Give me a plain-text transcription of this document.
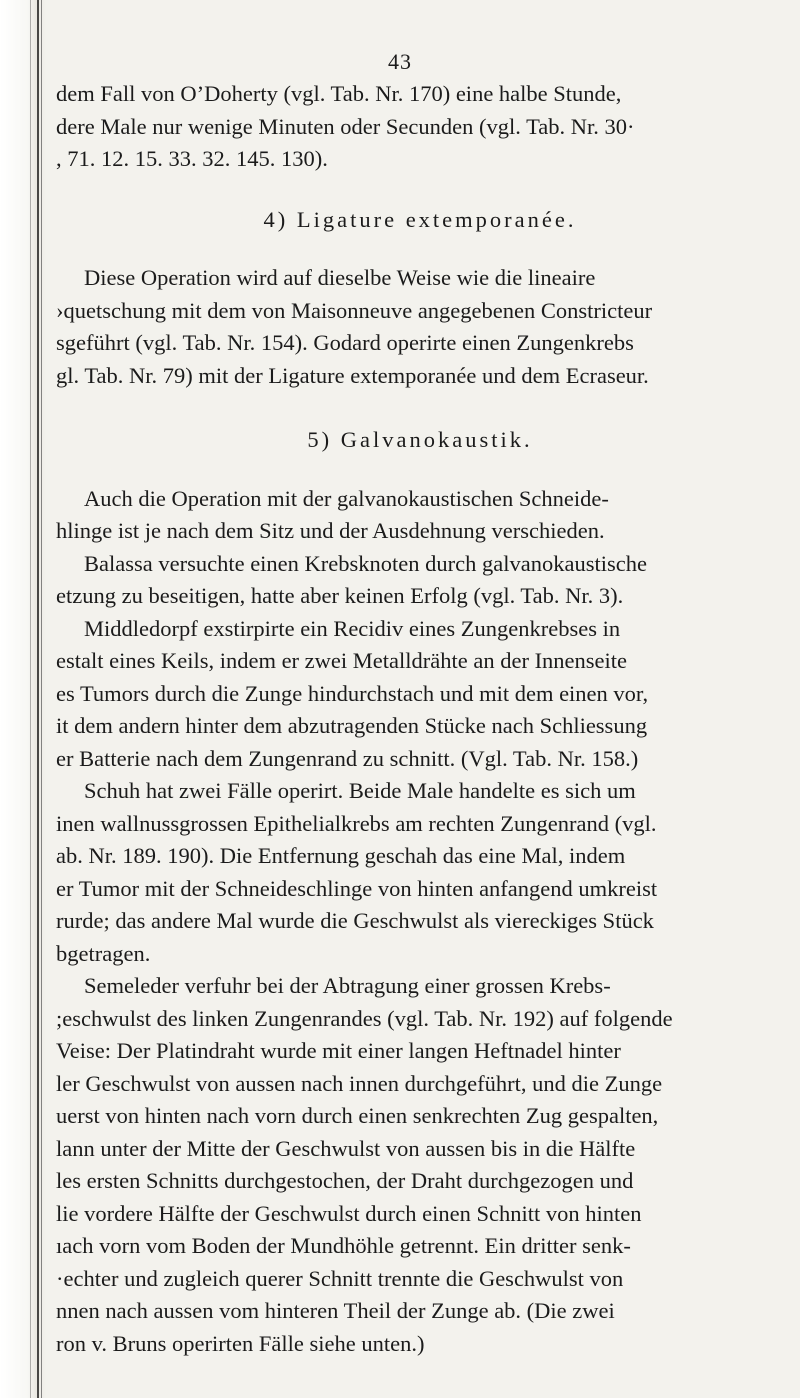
43
dem Fall von O’Doherty (vgl. Tab. Nr. 170) eine halbe Stunde,
dere Male nur wenige Minuten oder Secunden (vgl. Tab. Nr. 30·
, 71. 12. 15. 33. 32. 145. 130).
4) Ligature extemporanée.
Diese Operation wird auf dieselbe Weise wie die lineaire
›quetschung mit dem von Maisonneuve angegebenen Constricteur
sgeführt (vgl. Tab. Nr. 154). Godard operirte einen Zungenkrebs
gl. Tab. Nr. 79) mit der Ligature extemporanée und dem Ecraseur.
5) Galvanokaustik.
Auch die Operation mit der galvanokaustischen Schneide-
hlinge ist je nach dem Sitz und der Ausdehnung verschieden.
Balassa versuchte einen Krebsknoten durch galvanokaustische
etzung zu beseitigen, hatte aber keinen Erfolg (vgl. Tab. Nr. 3).
Middledorpf exstirpirte ein Recidiv eines Zungenkrebses in
estalt eines Keils, indem er zwei Metalldrähte an der Innenseite
es Tumors durch die Zunge hindurchstach und mit dem einen vor,
it dem andern hinter dem abzutragenden Stücke nach Schliessung
er Batterie nach dem Zungenrand zu schnitt. (Vgl. Tab. Nr. 158.)
Schuh hat zwei Fälle operirt. Beide Male handelte es sich um
inen wallnussgrossen Epithelialkrebs am rechten Zungenrand (vgl.
ab. Nr. 189. 190). Die Entfernung geschah das eine Mal, indem
er Tumor mit der Schneideschlinge von hinten anfangend umkreist
rurde; das andere Mal wurde die Geschwulst als viereckiges Stück
bgetragen.
Semeleder verfuhr bei der Abtragung einer grossen Krebs-
;eschwulst des linken Zungenrandes (vgl. Tab. Nr. 192) auf folgende
Veise: Der Platindraht wurde mit einer langen Heftnadel hinter
ler Geschwulst von aussen nach innen durchgeführt, und die Zunge
uerst von hinten nach vorn durch einen senkrechten Zug gespalten,
lann unter der Mitte der Geschwulst von aussen bis in die Hälfte
les ersten Schnitts durchgestochen, der Draht durchgezogen und
lie vordere Hälfte der Geschwulst durch einen Schnitt von hinten
ıach vorn vom Boden der Mundhöhle getrennt. Ein dritter senk-
·echter und zugleich querer Schnitt trennte die Geschwulst von
nnen nach aussen vom hinteren Theil der Zunge ab. (Die zwei
ron v. Bruns operirten Fälle siehe unten.)
